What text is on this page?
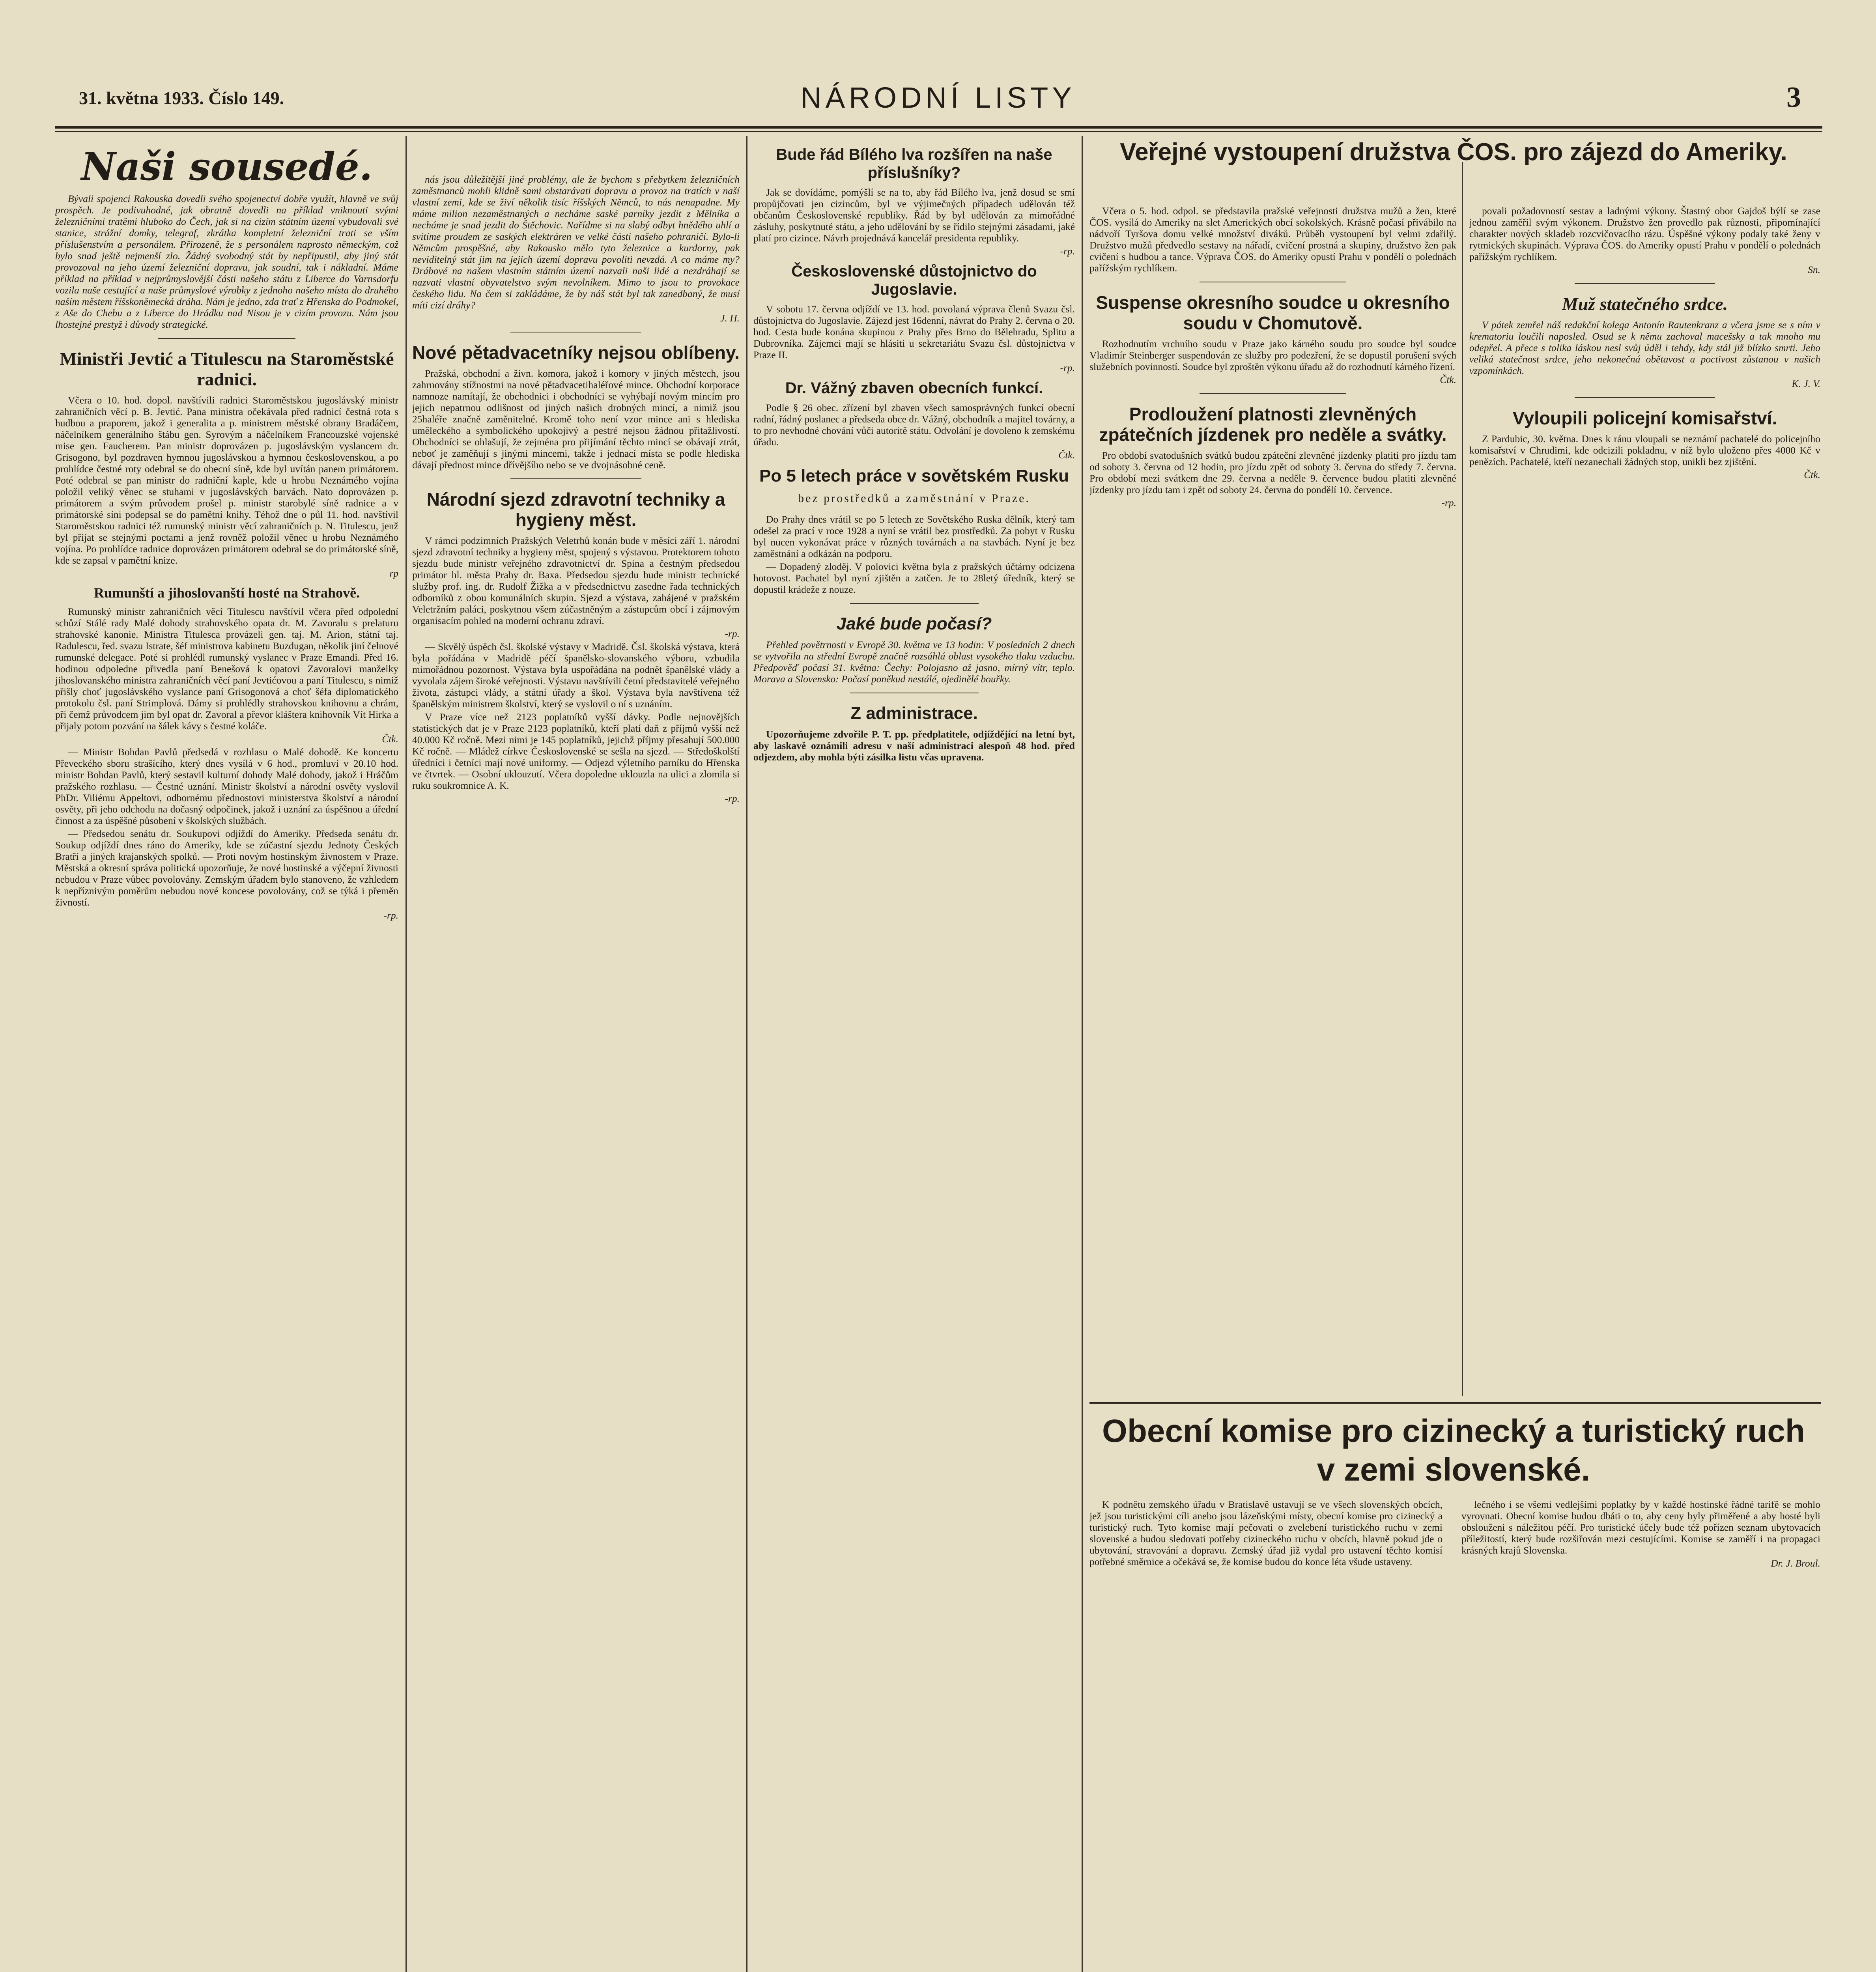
31. května 1933. Číslo 149.	NÁRODNÍ LISTY	3
Naši sousedé.

Bývali spojenci Rakouska dovedli svého spojenectví dobře využít, hlavně ve svůj prospěch. Je podivuhodné, jak obratně dovedli na příklad vniknouti svými železničními tratěmi hluboko do Čech, jak si na cizím státním území vybudovali své stanice, strážní domky, telegraf, zkrátka kompletní železniční trati se vším příslušenstvím a personálem. Přirozeně, že s personálem naprosto německým, což bylo snad ještě nejmenší zlo. Žádný svobodný stát by nepřipustil, aby jiný stát provozoval na jeho území železniční dopravu, jak soudní, tak i nákladní. Máme příklad na příklad v nejprůmyslovější části našeho státu z Liberce do Varnsdorfu vozila naše cestující a naše průmyslové výrobky z jednoho našeho místa do druhého naším městem říšskoněmecká dráha. Nám je jedno, zda trať z Hřenska do Podmokel, z Aše do Chebu a z Liberce do Hrádku nad Nisou je v cizím provozu. Nám jsou lhostejné prestyž i důvody strategické.

Ministři Jevtić a Titulescu na Staroměstské radnici.

Včera o 10. hod. dopol. navštívili radnici Staroměstskou jugoslávský ministr zahraničních věcí p. B. Jevtić. Pana ministra očekávala před radnicí čestná rota s hudbou a praporem, jakož i generalita a p. ministrem městské obrany Bradáčem, náčelníkem generálního štábu gen. Syrovým a náčelníkem Francouzské vojenské mise gen. Faucherem. Pan ministr doprovázen p. jugoslávským vyslancem dr. Grisogono, byl pozdraven hymnou jugoslávskou a hymnou československou, a po prohlídce čestné roty odebral se do obecní síně, kde byl uvítán panem primátorem. Poté odebral se pan ministr do radniční kaple, kde u hrobu Neznámého vojína položil veliký věnec se stuhami v jugoslávských barvách. Nato doprovázen p. primátorem a svým průvodem prošel p. ministr starobylé síně radnice a v primátorské síni podepsal se do pamětní knihy. Téhož dne o půl 11. hod. navštívil Staroměstskou radnici též rumunský ministr věcí zahraničních p. N. Titulescu, jenž byl přijat se stejnými poctami a jenž rovněž položil věnec u hrobu Neznámého vojína. Po prohlídce radnice doprovázen primátorem odebral se do primátorské síně, kde se zapsal v pamětní knize.

rp

Rumunští a jihoslovanští hosté na Strahově.

Rumunský ministr zahraničních věcí Titulescu navštívil včera před odpolední schůzí Stálé rady Malé dohody strahovského opata dr. M. Zavoralu s prelaturu strahovské kanonie. Ministra Titulesca provázeli gen. taj. M. Arion, státní taj. Radulescu, řed. svazu Istrate, šéf ministrova kabinetu Buzdugan, několik jiní čelnové rumunské delegace. Poté si prohlédl rumunský vyslanec v Praze Emandi. Před 16. hodinou odpoledne přivedla paní Benešová k opatovi Zavoralovi manželky jihoslovanského ministra zahraničních věcí paní Jevtićovou a paní Titulescu, s nimiž přišly choť jugoslávského vyslance paní Grisogonová a choť šéfa diplomatického protokolu čsl. paní Strimplová. Dámy si prohlédly strahovskou knihovnu a chrám, při čemž průvodcem jim byl opat dr. Zavoral a převor kláštera knihovník Vít Hirka a přijaly potom pozvání na šálek kávy s čestné koláče.

Čtk.

— Ministr Bohdan Pavlů předsedá v rozhlasu o Malé dohodě. Ke koncertu Převeckého sboru strašícího, který dnes vysílá v 6 hod., promluví v 20.10 hod. ministr Bohdan Pavlů, který sestavil kulturní dohody Malé dohody, jakož i Hráčům pražského rozhlasu. — Čestné uznání. Ministr školství a národní osvěty vyslovil PhDr. Viliému Appeltovi, odbornému přednostovi ministerstva školství a národní osvěty, při jeho odchodu na dočasný odpočinek, jakož i uznání za úspěšnou a úřední činnost a za úspěšné působení v školských službách.

— Předsedou senátu dr. Soukupovi odjíždí do Ameriky. Předseda senátu dr. Soukup odjíždí dnes ráno do Ameriky, kde se zúčastní sjezdu Jednoty Českých Bratří a jiných krajanských spolků. — Proti novým hostinským živnostem v Praze. Městská a okresní správa politická upozorňuje, že nové hostinské a výčepní živnosti nebudou v Praze vůbec povolovány. Zemským úřadem bylo stanoveno, že vzhledem k nepříznivým poměrům nebudou nové koncese povolovány, což se týká i přeměn živností.

-rp.

nás jsou důležitější jiné problémy, ale že bychom s přebytkem železničních zaměstnanců mohli klidně sami obstarávati dopravu a provoz na tratích v naší vlastní zemi, kde se živí několik tisíc říšských Němců, to nás nenapadne. My máme milion nezaměstnaných a necháme saské parníky jezdit z Mělníka a necháme je snad jezdit do Štěchovic. Nařídme si na slabý odbyt hnědého uhlí a svitíme proudem ze saských elektráren ve velké části našeho pohraničí. Bylo-li Němcům prospěšné, aby Rakousko mělo tyto železnice a kurdorny, pak neviditelný stát jim na jejich území dopravu povoliti nevzdá. A co máme my? Drábové na našem vlastním státním území nazvali naši lidé a nezdráhají se nazvati vlastní obyvatelstvo svým nevolníkem. Mimo to jsou to provokace českého lidu. Na čem si zakládáme, že by náš stát byl tak zanedbaný, že musí míti cizí dráhy?

J. H.

Nové pětadvacetníky nejsou oblíbeny.

Pražská, obchodní a živn. komora, jakož i komory v jiných městech, jsou zahrnovány stížnostmi na nové pětadvacetihaléřové mince. Obchodní korporace namnoze namítají, že obchodnici i obchodníci se vyhýbají novým mincím pro jejich nepatrnou odlišnost od jiných našich drobných mincí, a nimiž jsou 25haléře značně zaměnitelné. Kromě toho není vzor mince ani s hlediska uměleckého a symbolického upokojivý a pestré nejsou žádnou přitažlivostí. Obchodníci se ohlašují, že zejména pro přijímání těchto mincí se obávají ztrát, neboť je zaměňují s jinými mincemi, takže i jednací místa se podle hlediska dávají přednost mince dřívějšího nebo se ve dvojnásobné ceně.

Národní sjezd zdravotní techniky a hygieny měst.

V rámci podzimních Pražských Veletrhů konán bude v měsíci září 1. národní sjezd zdravotní techniky a hygieny měst, spojený s výstavou. Protektorem tohoto sjezdu bude ministr veřejného zdravotnictví dr. Spina a čestným předsedou primátor hl. města Prahy dr. Baxa. Předsedou sjezdu bude ministr technické služby prof. ing. dr. Rudolf Žižka a v předsednictvu zasedne řada technických odborníků z obou komunálních skupin. Sjezd a výstava, zahájené v pražském Veletržním paláci, poskytnou všem zúčastněným a zástupcům obcí i zájmovým organisacím pohled na moderní ochranu zdraví.

-rp.

— Skvělý úspěch čsl. školské výstavy v Madridě. Čsl. školská výstava, která byla pořádána v Madridě péčí španělsko-slovanského výboru, vzbudila mimořádnou pozornost. Výstava byla uspořádána na podnět španělské vlády a vyvolala zájem široké veřejnosti. Výstavu navštívili četní představitelé veřejného života, zástupci vlády, a státní úřady a škol. Výstava byla navštívena též španělským ministrem školství, který se vyslovil o ní s uznáním.

V Praze více než 2123 poplatníků vyšší dávky. Podle nejnovějších statistických dat je v Praze 2123 poplatníků, kteří platí daň z příjmů vyšší než 40.000 Kč ročně. Mezi nimi je 145 poplatníků, jejichž příjmy přesahují 500.000 Kč ročně. — Mládež církve Československé se sešla na sjezd. — Středoškolští úředníci i četníci mají nové uniformy. — Odjezd výletního parníku do Hřenska ve čtvrtek. — Osobní uklouzutí. Včera dopoledne uklouzla na ulici a zlomila si ruku soukromnice A. K.

-rp.

Bude řád Bílého lva rozšířen na naše příslušníky?

Jak se dovídáme, pomýšlí se na to, aby řád Bílého lva, jenž dosud se smí propůjčovati jen cizincům, byl ve výjimečných případech udělován též občanům Československé republiky. Řád by byl udělován za mimořádné zásluhy, poskytnuté státu, a jeho udělování by se řídilo stejnými zásadami, jaké platí pro cizince. Návrh projednává kancelář presidenta republiky.

-rp.

Československé důstojnictvo do Jugoslavie.

V sobotu 17. června odjíždí ve 13. hod. povolaná výprava členů Svazu čsl. důstojnictva do Jugoslavie. Zájezd jest 16denní, návrat do Prahy 2. června o 20. hod. Cesta bude konána skupinou z Prahy přes Brno do Bělehradu, Splitu a Dubrovníka. Zájemci mají se hlásiti u sekretariátu Svazu čsl. důstojnictva v Praze II.

-rp.

Dr. Vážný zbaven obecních funkcí.

Podle § 26 obec. zřízení byl zbaven všech samosprávných funkcí obecní radní, řádný poslanec a předseda obce dr. Vážný, obchodník a majitel továrny, a to pro nevhodné chování vůči autoritě státu. Odvolání je dovoleno k zemskému úřadu.

Čtk.

Po 5 letech práce v sovětském Rusku
bez prostředků a zaměstnání v Praze.

Do Prahy dnes vrátil se po 5 letech ze Sovětského Ruska dělník, který tam odešel za prací v roce 1928 a nyní se vrátil bez prostředků. Za pobyt v Rusku byl nucen vykonávat práce v různých továrnách a na stavbách. Nyní je bez zaměstnání a odkázán na podporu.

— Dopadený zloděj. V polovici května byla z pražských účtárny odcizena hotovost. Pachatel byl nyní zjištěn a zatčen. Je to 28letý úředník, který se dopustil krádeže z nouze.

Jaké bude počasí?

Přehled povětrnosti v Evropě 30. května ve 13 hodin: V posledních 2 dnech se vytvořila na střední Evropě značně rozsáhlá oblast vysokého tlaku vzduchu. Předpověď počasí 31. května: Čechy: Polojasno až jasno, mírný vítr, teplo. Morava a Slovensko: Počasí poněkud nestálé, ojedinělé bouřky.

Z administrace.

Upozorňujeme zdvořile P. T. pp. předplatitele, odjíždějící na letní byt, aby laskavě oznámili adresu v naší administraci alespoň 48 hod. před odjezdem, aby mohla býti zásilka listu včas upravena.

Veřejné vystoupení družstva ČOS. pro zájezd do Ameriky.

Včera o 5. hod. odpol. se představila pražské veřejnosti družstva mužů a žen, které ČOS. vysílá do Ameriky na slet Amerických obcí sokolských. Krásně počasí přivábilo na nádvoří Tyršova domu velké množství diváků. Průběh vystoupení byl velmi zdařilý. Družstvo mužů předvedlo sestavy na nářadí, cvičení prostná a skupiny, družstvo žen pak cvičení s hudbou a tance. Výprava ČOS. do Ameriky opustí Prahu v pondělí o polednách pařížským rychlíkem.

Suspense okresního soudce u okresního soudu v Chomutově.

Rozhodnutím vrchního soudu v Praze jako kárného soudu pro soudce byl soudce Vladimír Steinberger suspendován ze služby pro podezření, že se dopustil porušení svých služebních povinností. Soudce byl zproštěn výkonu úřadu až do rozhodnutí kárného řízení.

Čtk.

Prodloužení platnosti zlevněných zpátečních jízdenek pro neděle a svátky.

Pro období svatodušních svátků budou zpáteční zlevněné jízdenky platiti pro jízdu tam od soboty 3. června od 12 hodin, pro jízdu zpět od soboty 3. června do středy 7. června. Pro období mezi svátkem dne 29. června a neděle 9. července budou platiti zlevněné jízdenky pro jízdu tam i zpět od soboty 24. června do pondělí 10. července.

-rp.

povali požadovností sestav a ladnými výkony. Štastný obor Gajdoš býlí se zase jednou zaměřil svým výkonem. Družstvo žen provedlo pak různosti, připomínající charakter nových skladeb rozcvičovacího rázu. Úspěšné výkony podaly také ženy v rytmických skupinách. Výprava ČOS. do Ameriky opustí Prahu v pondělí o polednách pařížským rychlíkem.

Sn.

Muž statečného srdce.

V pátek zemřel náš redakční kolega Antonín Rautenkranz a včera jsme se s ním v krematoriu loučili naposled. Osud se k němu zachoval macešsky a tak mnoho mu odepřel. A přece s tolika láskou nesl svůj úděl i tehdy, kdy stál již blízko smrti. Jeho veliká statečnost srdce, jeho nekonečná obětavost a poctivost zůstanou v našich vzpomínkách.

K. J. V.

Vyloupili policejní komisařství.

Z Pardubic, 30. května. Dnes k ránu vloupali se neznámí pachatelé do policejního komisařství v Chrudimi, kde odcizili pokladnu, v níž bylo uloženo přes 4000 Kč v penězích. Pachatelé, kteří nezanechali žádných stop, unikli bez zjištění.

Čtk.

Obecní komise pro cizinecký a turistický ruch v zemi slovenské.

K podnětu zemského úřadu v Bratislavě ustavují se ve všech slovenských obcích, jež jsou turistickými cíli anebo jsou lázeňskými místy, obecní komise pro cizinecký a turistický ruch. Tyto komise mají pečovati o zvelebení turistického ruchu v zemi slovenské a budou sledovati potřeby cizineckého ruchu v obcích, hlavně pokud jde o ubytování, stravování a dopravu. Zemský úřad již vydal pro ustavení těchto komisí potřebné směrnice a očekává se, že komise budou do konce léta všude ustaveny.

lečného i se všemi vedlejšími poplatky by v každé hostinské řádné tarifě se mohlo vyrovnati. Obecní komise budou dbáti o to, aby ceny byly přiměřené a aby hosté byli obslouženi s náležitou péčí. Pro turistické účely bude též pořízen seznam ubytovacích příležitostí, který bude rozšiřován mezi cestujícími. Komise se zaměří i na propagaci krásných krajů Slovenska.

Dr. J. Broul.
